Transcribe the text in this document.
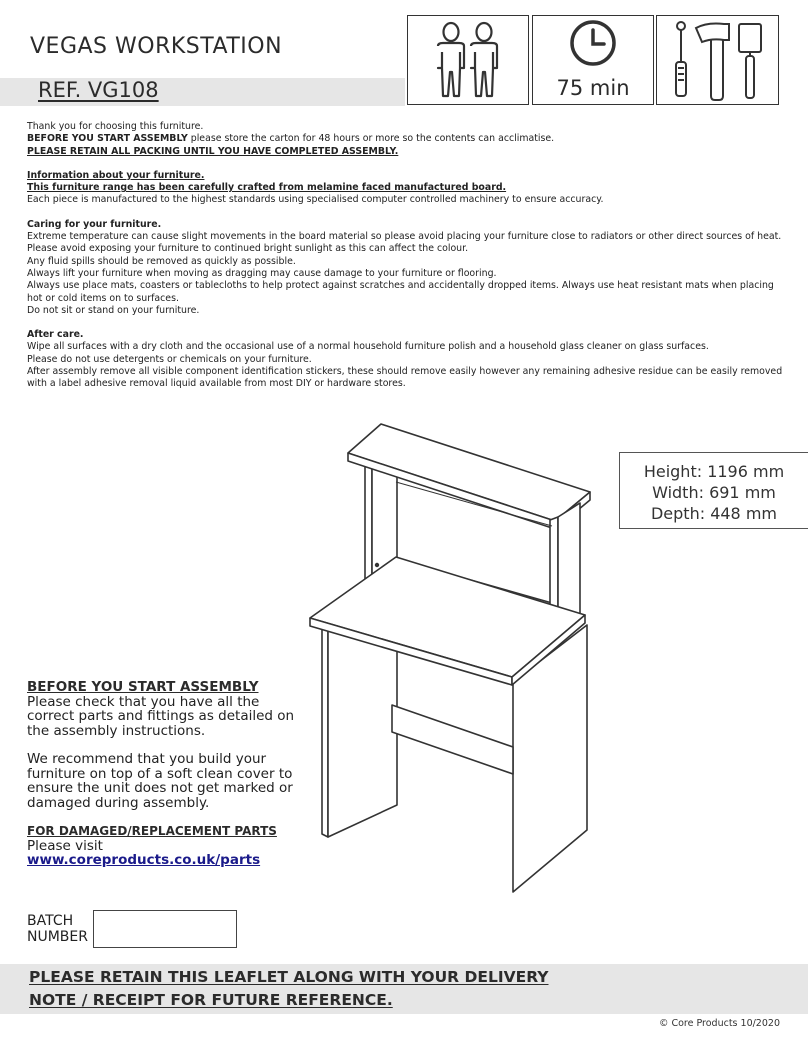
VEGAS WORKSTATION
REF. VG108	75 min

Thank you for choosing this furniture.

BEFORE YOU START ASSEMBLY please store the carton for 48 hours or more so the contents can acclimatise.

PLEASE RETAIN ALL PACKING UNTIL YOU HAVE COMPLETED ASSEMBLY.

Information about your furniture.

This furniture range has been carefully crafted from melamine faced manufactured board.

Each piece is manufactured to the highest standards using specialised computer controlled machinery to ensure accuracy.

Caring for your furniture.

Extreme temperature can cause slight movements in the board material so please avoid placing your furniture close to radiators or other direct sources of heat.

Please avoid exposing your furniture to continued bright sunlight as this can affect the colour.

Any fluid spills should be removed as quickly as possible.

Always lift your furniture when moving as dragging may cause damage to your furniture or flooring.

Always use place mats, coasters or tablecloths to help protect against scratches and accidentally dropped items. Always use heat resistant mats when placing hot or cold items on to surfaces.

Do not sit or stand on your furniture.

After care.

Wipe all surfaces with a dry cloth and the occasional use of a normal household furniture polish and a household glass cleaner on glass surfaces.

Please do not use detergents or chemicals on your furniture.

After assembly remove all visible component identification stickers, these should remove easily however any remaining adhesive residue can be easily removed with a label adhesive removal liquid available from most DIY or hardware stores.

Height: 1196 mm
Width: 691 mm
Depth: 448 mm
BEFORE YOU START ASSEMBLY
Please check that you have all the correct parts and fittings as detailed on the assembly instructions.
We recommend that you build your furniture on top of a soft clean cover to ensure the unit does not get marked or damaged during assembly.
FOR DAMAGED/REPLACEMENT PARTS
Please visit
www.coreproducts.co.uk/parts
BATCH
NUMBER
PLEASE RETAIN THIS LEAFLET ALONG WITH YOUR DELIVERY
NOTE / RECEIPT FOR FUTURE REFERENCE.
© Core Products 10/2020
